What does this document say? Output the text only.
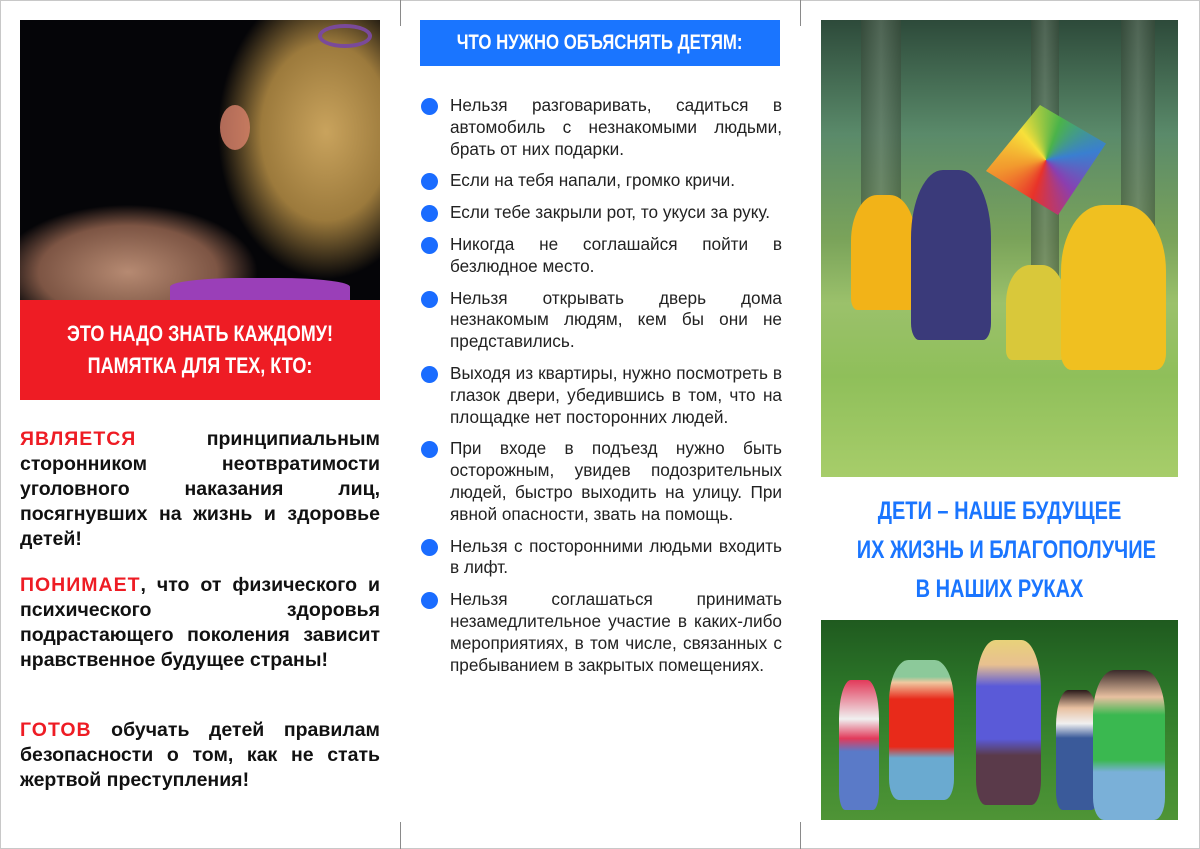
ЭТО НАДО ЗНАТЬ КАЖДОМУ!
ПАМЯТКА ДЛЯ ТЕХ, КТО:

ЯВЛЯЕТСЯ принципиальным сторонником неотвратимости уголовного наказания лиц, посягнувших на жизнь и здоровье детей!

ПОНИМАЕТ, что от физического и психического здоровья подрастающего поколения зависит нравственное будущее страны!

ГОТОВ обучать детей правилам безопасности о том, как не стать жертвой преступления!

ЧТО НУЖНО ОБЪЯСНЯТЬ ДЕТЯМ:
Нельзя разговаривать, садиться в автомобиль с незнакомыми людьми, брать от них подарки.
Если на тебя напали, громко кричи.
Если тебе закрыли рот, то укуси за руку.
Никогда не соглашайся пойти в безлюдное место.
Нельзя открывать дверь дома незнакомым людям, кем бы они не представились.
Выходя из квартиры, нужно посмотреть в глазок двери, убедившись в том, что на площадке нет посторонних людей.
При входе в подъезд нужно быть осторожным, увидев подозрительных людей, быстро выходить на улицу. При явной опасности, звать на помощь.
Нельзя с посторонними людьми входить в лифт.
Нельзя соглашаться принимать незамедлительное участие в каких-либо мероприятиях, в том числе, связанных с пребыванием в закрытых помещениях.
ДЕТИ – НАШЕ БУДУЩЕЕ
ИХ ЖИЗНЬ И БЛАГОПОЛУЧИЕ
В НАШИХ РУКАХ
